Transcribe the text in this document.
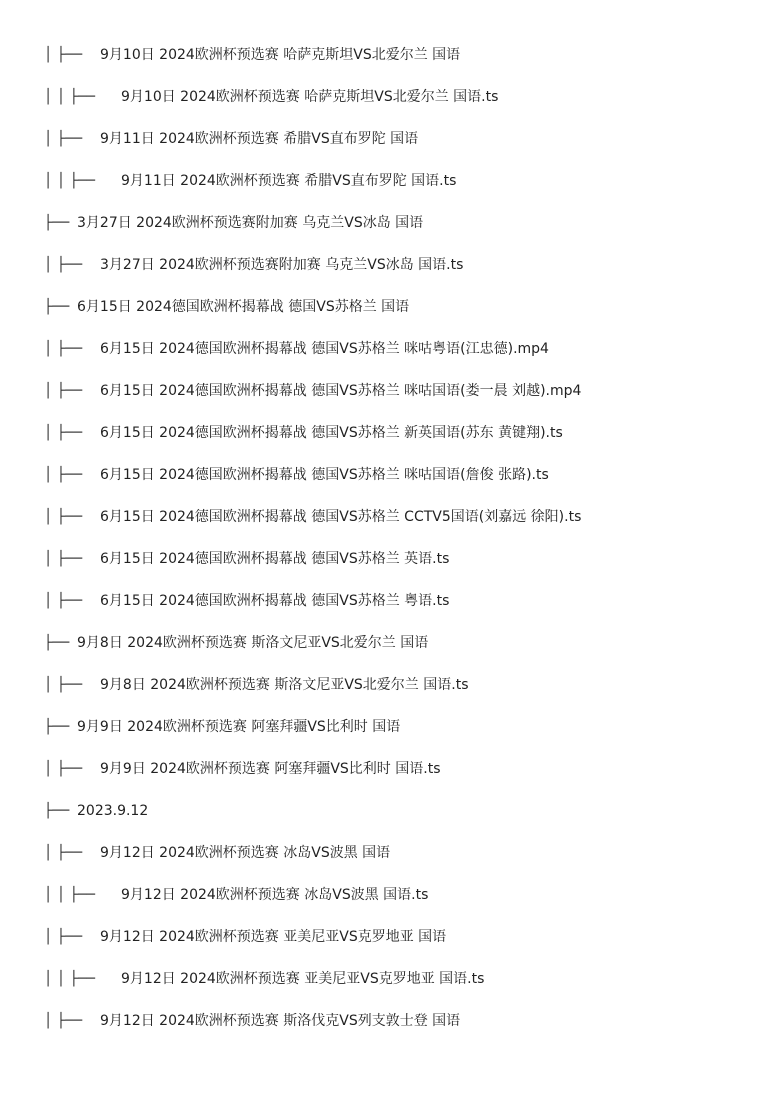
│ ├── 9月10日 2024欧洲杯预选赛 哈萨克斯坦VS北爱尔兰 国语
│ │ ├── 9月10日 2024欧洲杯预选赛 哈萨克斯坦VS北爱尔兰 国语.ts
│ ├── 9月11日 2024欧洲杯预选赛 希腊VS直布罗陀 国语
│ │ ├── 9月11日 2024欧洲杯预选赛 希腊VS直布罗陀 国语.ts
├── 3月27日 2024欧洲杯预选赛附加赛 乌克兰VS冰岛 国语
│ ├── 3月27日 2024欧洲杯预选赛附加赛 乌克兰VS冰岛 国语.ts
├── 6月15日 2024德国欧洲杯揭幕战 德国VS苏格兰 国语
│ ├── 6月15日 2024德国欧洲杯揭幕战 德国VS苏格兰 咪咕粤语(江忠德).mp4
│ ├── 6月15日 2024德国欧洲杯揭幕战 德国VS苏格兰 咪咕国语(娄一晨 刘越).mp4
│ ├── 6月15日 2024德国欧洲杯揭幕战 德国VS苏格兰 新英国语(苏东 黄键翔).ts
│ ├── 6月15日 2024德国欧洲杯揭幕战 德国VS苏格兰 咪咕国语(詹俊 张路).ts
│ ├── 6月15日 2024德国欧洲杯揭幕战 德国VS苏格兰 CCTV5国语(刘嘉远 徐阳).ts
│ ├── 6月15日 2024德国欧洲杯揭幕战 德国VS苏格兰 英语.ts
│ ├── 6月15日 2024德国欧洲杯揭幕战 德国VS苏格兰 粤语.ts
├── 9月8日 2024欧洲杯预选赛 斯洛文尼亚VS北爱尔兰 国语
│ ├── 9月8日 2024欧洲杯预选赛 斯洛文尼亚VS北爱尔兰 国语.ts
├── 9月9日 2024欧洲杯预选赛 阿塞拜疆VS比利时 国语
│ ├── 9月9日 2024欧洲杯预选赛 阿塞拜疆VS比利时 国语.ts
├── 2023.9.12
│ ├── 9月12日 2024欧洲杯预选赛 冰岛VS波黑 国语
│ │ ├── 9月12日 2024欧洲杯预选赛 冰岛VS波黑 国语.ts
│ ├── 9月12日 2024欧洲杯预选赛 亚美尼亚VS克罗地亚 国语
│ │ ├── 9月12日 2024欧洲杯预选赛 亚美尼亚VS克罗地亚 国语.ts
│ ├── 9月12日 2024欧洲杯预选赛 斯洛伐克VS列支敦士登 国语
